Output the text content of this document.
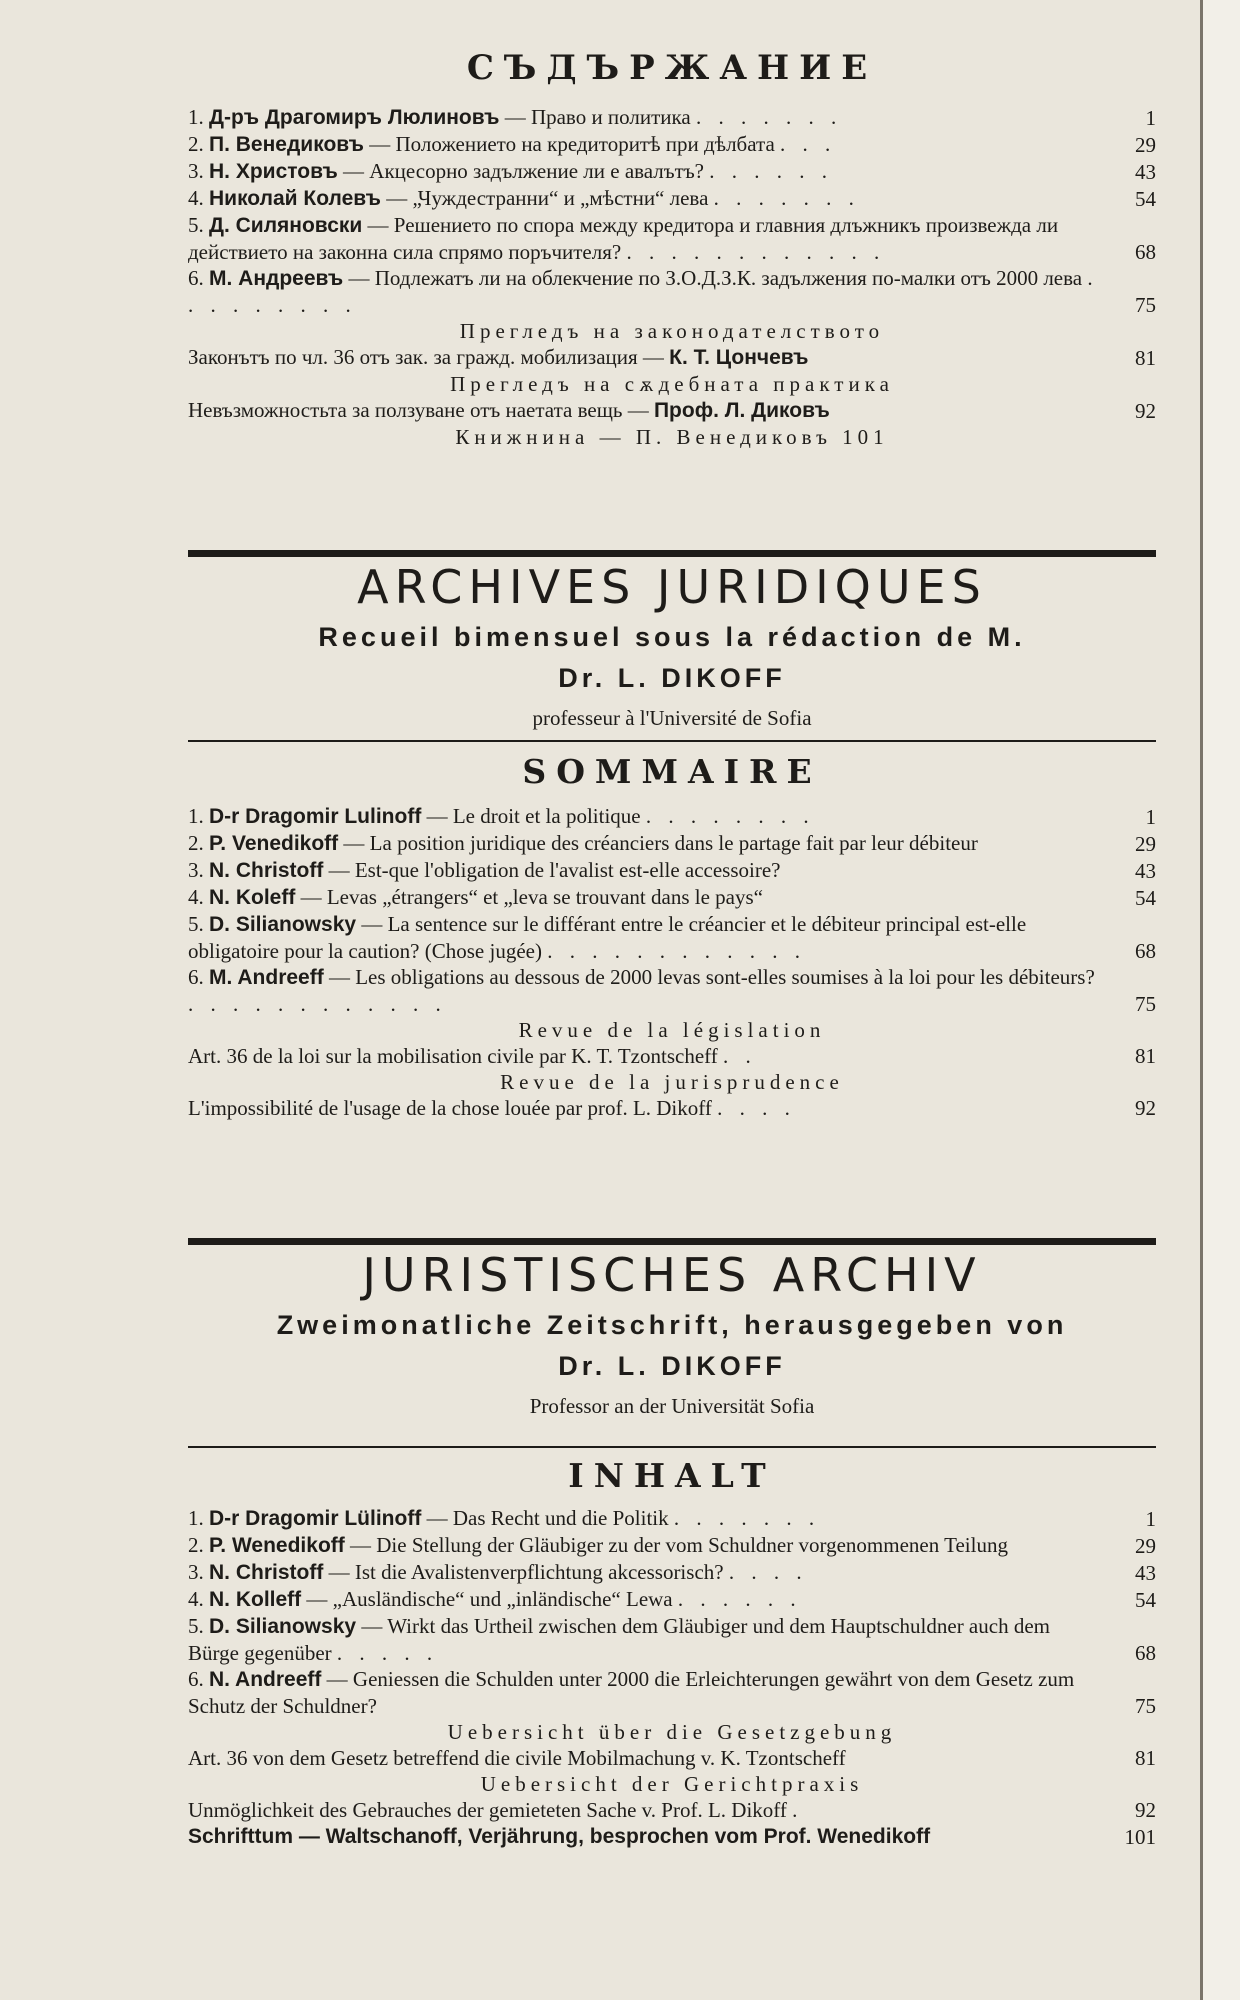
СЪДЪРЖАНИЕ
1. Д-ръ Драгомиръ Люлиновъ — Право и политика . . . . . . .	1
2. П. Венедиковъ — Положението на кредиторитѣ при дѣлбата . . .	29
3. Н. Христовъ — Акцесорно задължение ли е авалътъ? . . . . . .	43
4. Николай Колевъ — „Чуждестранни“ и „мѣстни“ лева . . . . . . .	54
5. Д. Силяновски — Решението по спора между кредитора и главния длъжникъ произвежда ли действието на законна сила спрямо поръчителя? . . . . . . . . . . . .	68
6. М. Андреевъ — Подлежатъ ли на облекчение по З.О.Д.З.К. задължения по-малки отъ 2000 лева . . . . . . . . .	75
Прегледъ на законодателството
Законътъ по чл. 36 отъ зак. за гражд. мобилизация — К. Т. Цончевъ	81
Прегледъ на сѫдебната практика
Невъзможностьта за ползуване отъ наетата вещь — Проф. Л. Диковъ	92
Книжнина — П. Венедиковъ 101
ARCHIVES JURIDIQUES

Recueil bimensuel sous la rédaction de M.

Dr. L. DIKOFF

professeur à l'Université de Sofia

SOMMAIRE
1. D-r Dragomir Lulinoff — Le droit et la politique . . . . . . . .	1
2. P. Venedikoff — La position juridique des créanciers dans le partage fait par leur débiteur	29
3. N. Christoff — Est-que l'obligation de l'avalist est-elle accessoire?	43
4. N. Koleff — Levas „étrangers“ et „leva se trouvant dans le pays“	54
5. D. Silianowsky — La sentence sur le différant entre le créancier et le débiteur principal est-elle obligatoire pour la caution? (Chose jugée) . . . . . . . . . . . .	68
6. M. Andreeff — Les obligations au dessous de 2000 levas sont-elles soumises à la loi pour les débiteurs? . . . . . . . . . . . .	75
Revue de la législation
Art. 36 de la loi sur la mobilisation civile par K. T. Tzontscheff . .	81
Revue de la jurisprudence
L'impossibilité de l'usage de la chose louée par prof. L. Dikoff . . . .	92
JURISTISCHES ARCHIV

Zweimonatliche Zeitschrift, herausgegeben von

Dr. L. DIKOFF

Professor an der Universität Sofia

INHALT
1. D-r Dragomir Lülinoff — Das Recht und die Politik . . . . . . .	1
2. P. Wenedikoff — Die Stellung der Gläubiger zu der vom Schuldner vorgenommenen Teilung	29
3. N. Christoff — Ist die Avalistenverpflichtung akcessorisch? . . . .	43
4. N. Kolleff — „Ausländische“ und „inländische“ Lewa . . . . . .	54
5. D. Silianowsky — Wirkt das Urtheil zwischen dem Gläubiger und dem Hauptschuldner auch dem Bürge gegenüber . . . . .	68
6. N. Andreeff — Geniessen die Schulden unter 2000 die Erleichterungen gewährt von dem Gesetz zum Schutz der Schuldner?	75
Uebersicht über die Gesetzgebung
Art. 36 von dem Gesetz betreffend die civile Mobilmachung v. K. Tzontscheff	81
Uebersicht der Gerichtpraxis
Unmöglichkeit des Gebrauches der gemieteten Sache v. Prof. L. Dikoff .	92
Schrifttum — Waltschanoff, Verjährung, besprochen vom Prof. Wenedikoff	101
